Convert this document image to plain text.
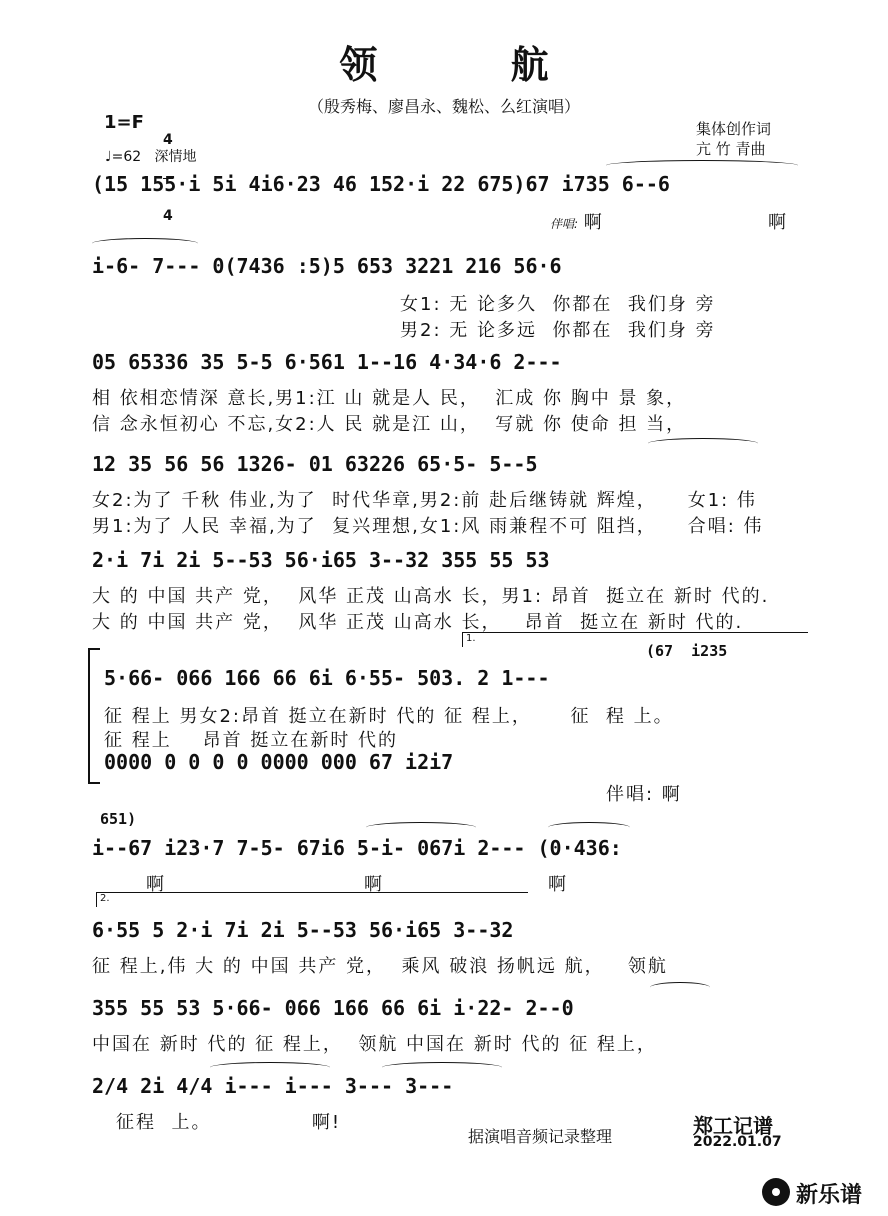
领 航
（殷秀梅、廖昌永、魏松、么红演唱）
1=F

4

4

♩=62   深情地
集体创作词
亢 竹 青曲
(15 155·i 5i 4i6·23 46 152·i 22 675)67 i735 6--6
伴唱: 啊	啊
i-6- 7--- 0(7436 :5)5 653 3221 216 56·6
女1: 无 论多久  你都在  我们身 旁
男2: 无 论多远  你都在  我们身 旁
05 65336 35 5-5 6·561 1--16 4·34·6 2---
相 依相恋情深 意长,男1:江 山 就是人 民，  汇成 你 胸中 景 象，
信 念永恒初心 不忘,女2:人 民 就是江 山，  写就 你 使命 担 当，
12 35 56 56 1326- 01 63226 65·5- 5--5
女2:为了 千秋 伟业,为了  时代华章,男2:前 赴后继铸就 辉煌，    女1: 伟
男1:为了 人民 幸福,为了  复兴理想,女1:风 雨兼程不可 阻挡，    合唱: 伟
2·i 7i 2i 5--53 56·i65 3--32 355 55 53
大 的 中国 共产 党，  风华 正茂 山高水 长，男1: 昂首  挺立在 新时 代的.
大 的 中国 共产 党，  风华 正茂 山高水 长，   昂首  挺立在 新时 代的.
1.
(67  i235
5·66- 066 166 66 6i 6·55- 503. 2 1---
征 程上 男女2:昂首 挺立在新时 代的 征 程上，     征  程 上。
征 程上    昂首 挺立在新时 代的
0000 0 0 0 0 0000 000 67 i2i7
伴唱: 啊
651)
i--67 i23·7 7-5- 67i6 5-i- 067i 2--- (0·436:
啊	啊	啊
2.
6·55 5 2·i 7i 2i 5--53 56·i65 3--32
征 程上,伟 大 的 中国 共产 党，  乘风 破浪 扬帆远 航，   领航
355 55 53 5·66- 066 166 66 6i i·22- 2--0
中国在 新时 代的 征 程上，  领航 中国在 新时 代的 征 程上，
2/4 2i 4/4 i--- i--- 3--- 3---
征程  上。             啊!
据演唱音频记录整理	郑工记谱
2022.01.07
新乐谱
